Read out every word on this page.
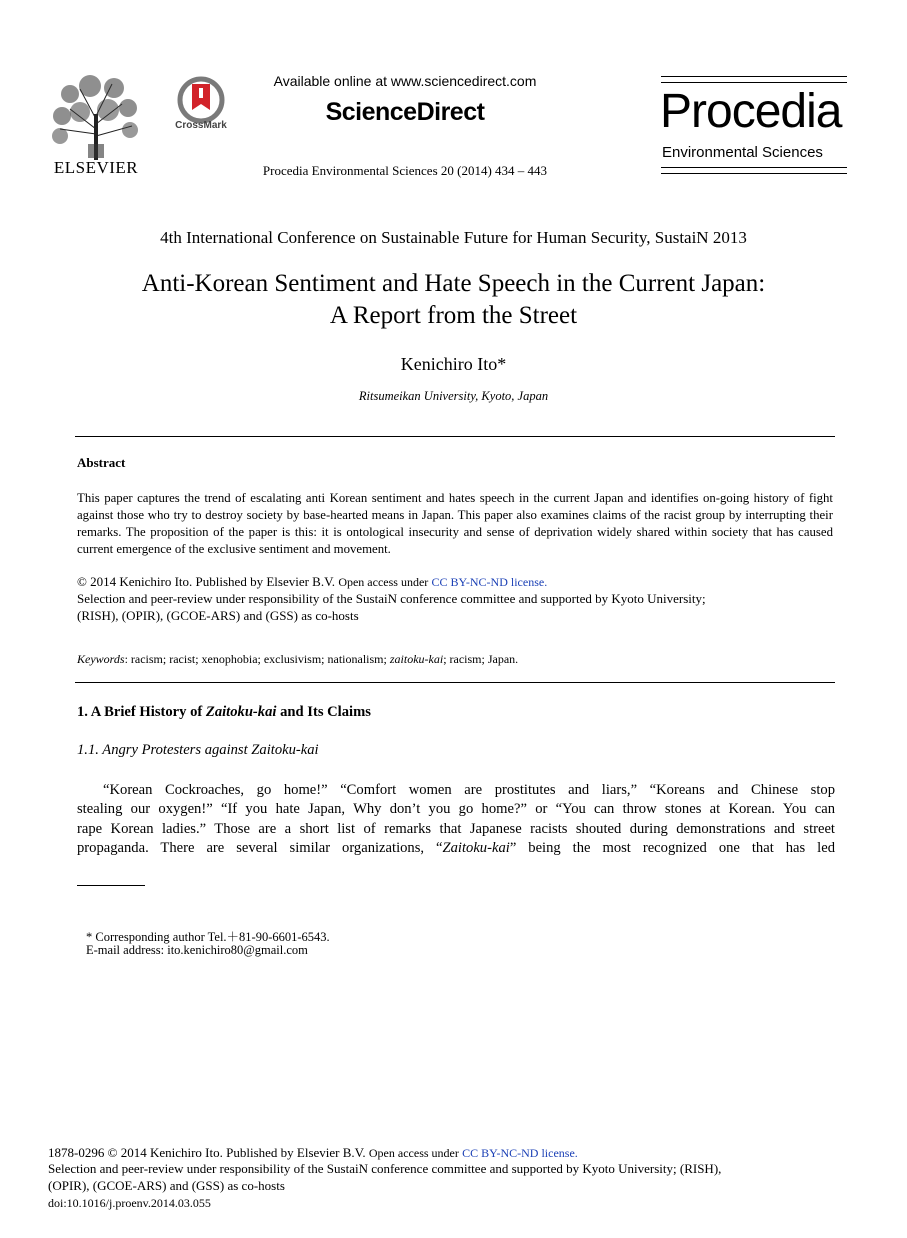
ELSEVIER
CrossMark
Available online at www.sciencedirect.com
ScienceDirect
Procedia Environmental Sciences 20 (2014) 434 – 443
Procedia
Environmental Sciences
4th International Conference on Sustainable Future for Human Security, SustaiN 2013
Anti-Korean Sentiment and Hate Speech in the Current Japan:
A Report from the Street
Kenichiro Ito*
Ritsumeikan University, Kyoto, Japan
Abstract
This paper captures the trend of escalating anti Korean sentiment and hates speech in the current Japan and identifies on-going history of fight against those who try to destroy society by base-hearted means in Japan. This paper also examines claims of the racist group by interrupting their remarks. The proposition of the paper is this: it is ontological insecurity and sense of deprivation widely shared within society that has caused current emergence of the exclusive sentiment and movement.
© 2014 Kenichiro Ito. Published by Elsevier B.V. Open access under CC BY-NC-ND license.
Selection and peer-review under responsibility of the SustaiN conference committee and supported by Kyoto University;
(RISH), (OPIR), (GCOE-ARS) and (GSS) as co-hosts
Keywords: racism; racist; xenophobia; exclusivism; nationalism; zaitoku-kai; racism; Japan.
1. A Brief History of Zaitoku-kai and Its Claims
1.1. Angry Protesters against Zaitoku-kai
“Korean Cockroaches, go home!” “Comfort women are prostitutes and liars,” “Koreans and Chinese stop
stealing our oxygen!” “If you hate Japan, Why don’t you go home?” or “You can throw stones at Korean. You can
rape Korean ladies.” Those are a short list of remarks that Japanese racists shouted during demonstrations and street
propaganda. There are several similar organizations, “Zaitoku-kai” being the most recognized one that has led
* Corresponding author Tel.＋81-90-6601-6543.
E-mail address: ito.kenichiro80@gmail.com
1878-0296 © 2014 Kenichiro Ito. Published by Elsevier B.V. Open access under CC BY-NC-ND license.
Selection and peer-review under responsibility of the SustaiN conference committee and supported by Kyoto University; (RISH),
(OPIR), (GCOE-ARS) and (GSS) as co-hosts
doi:10.1016/j.proenv.2014.03.055
